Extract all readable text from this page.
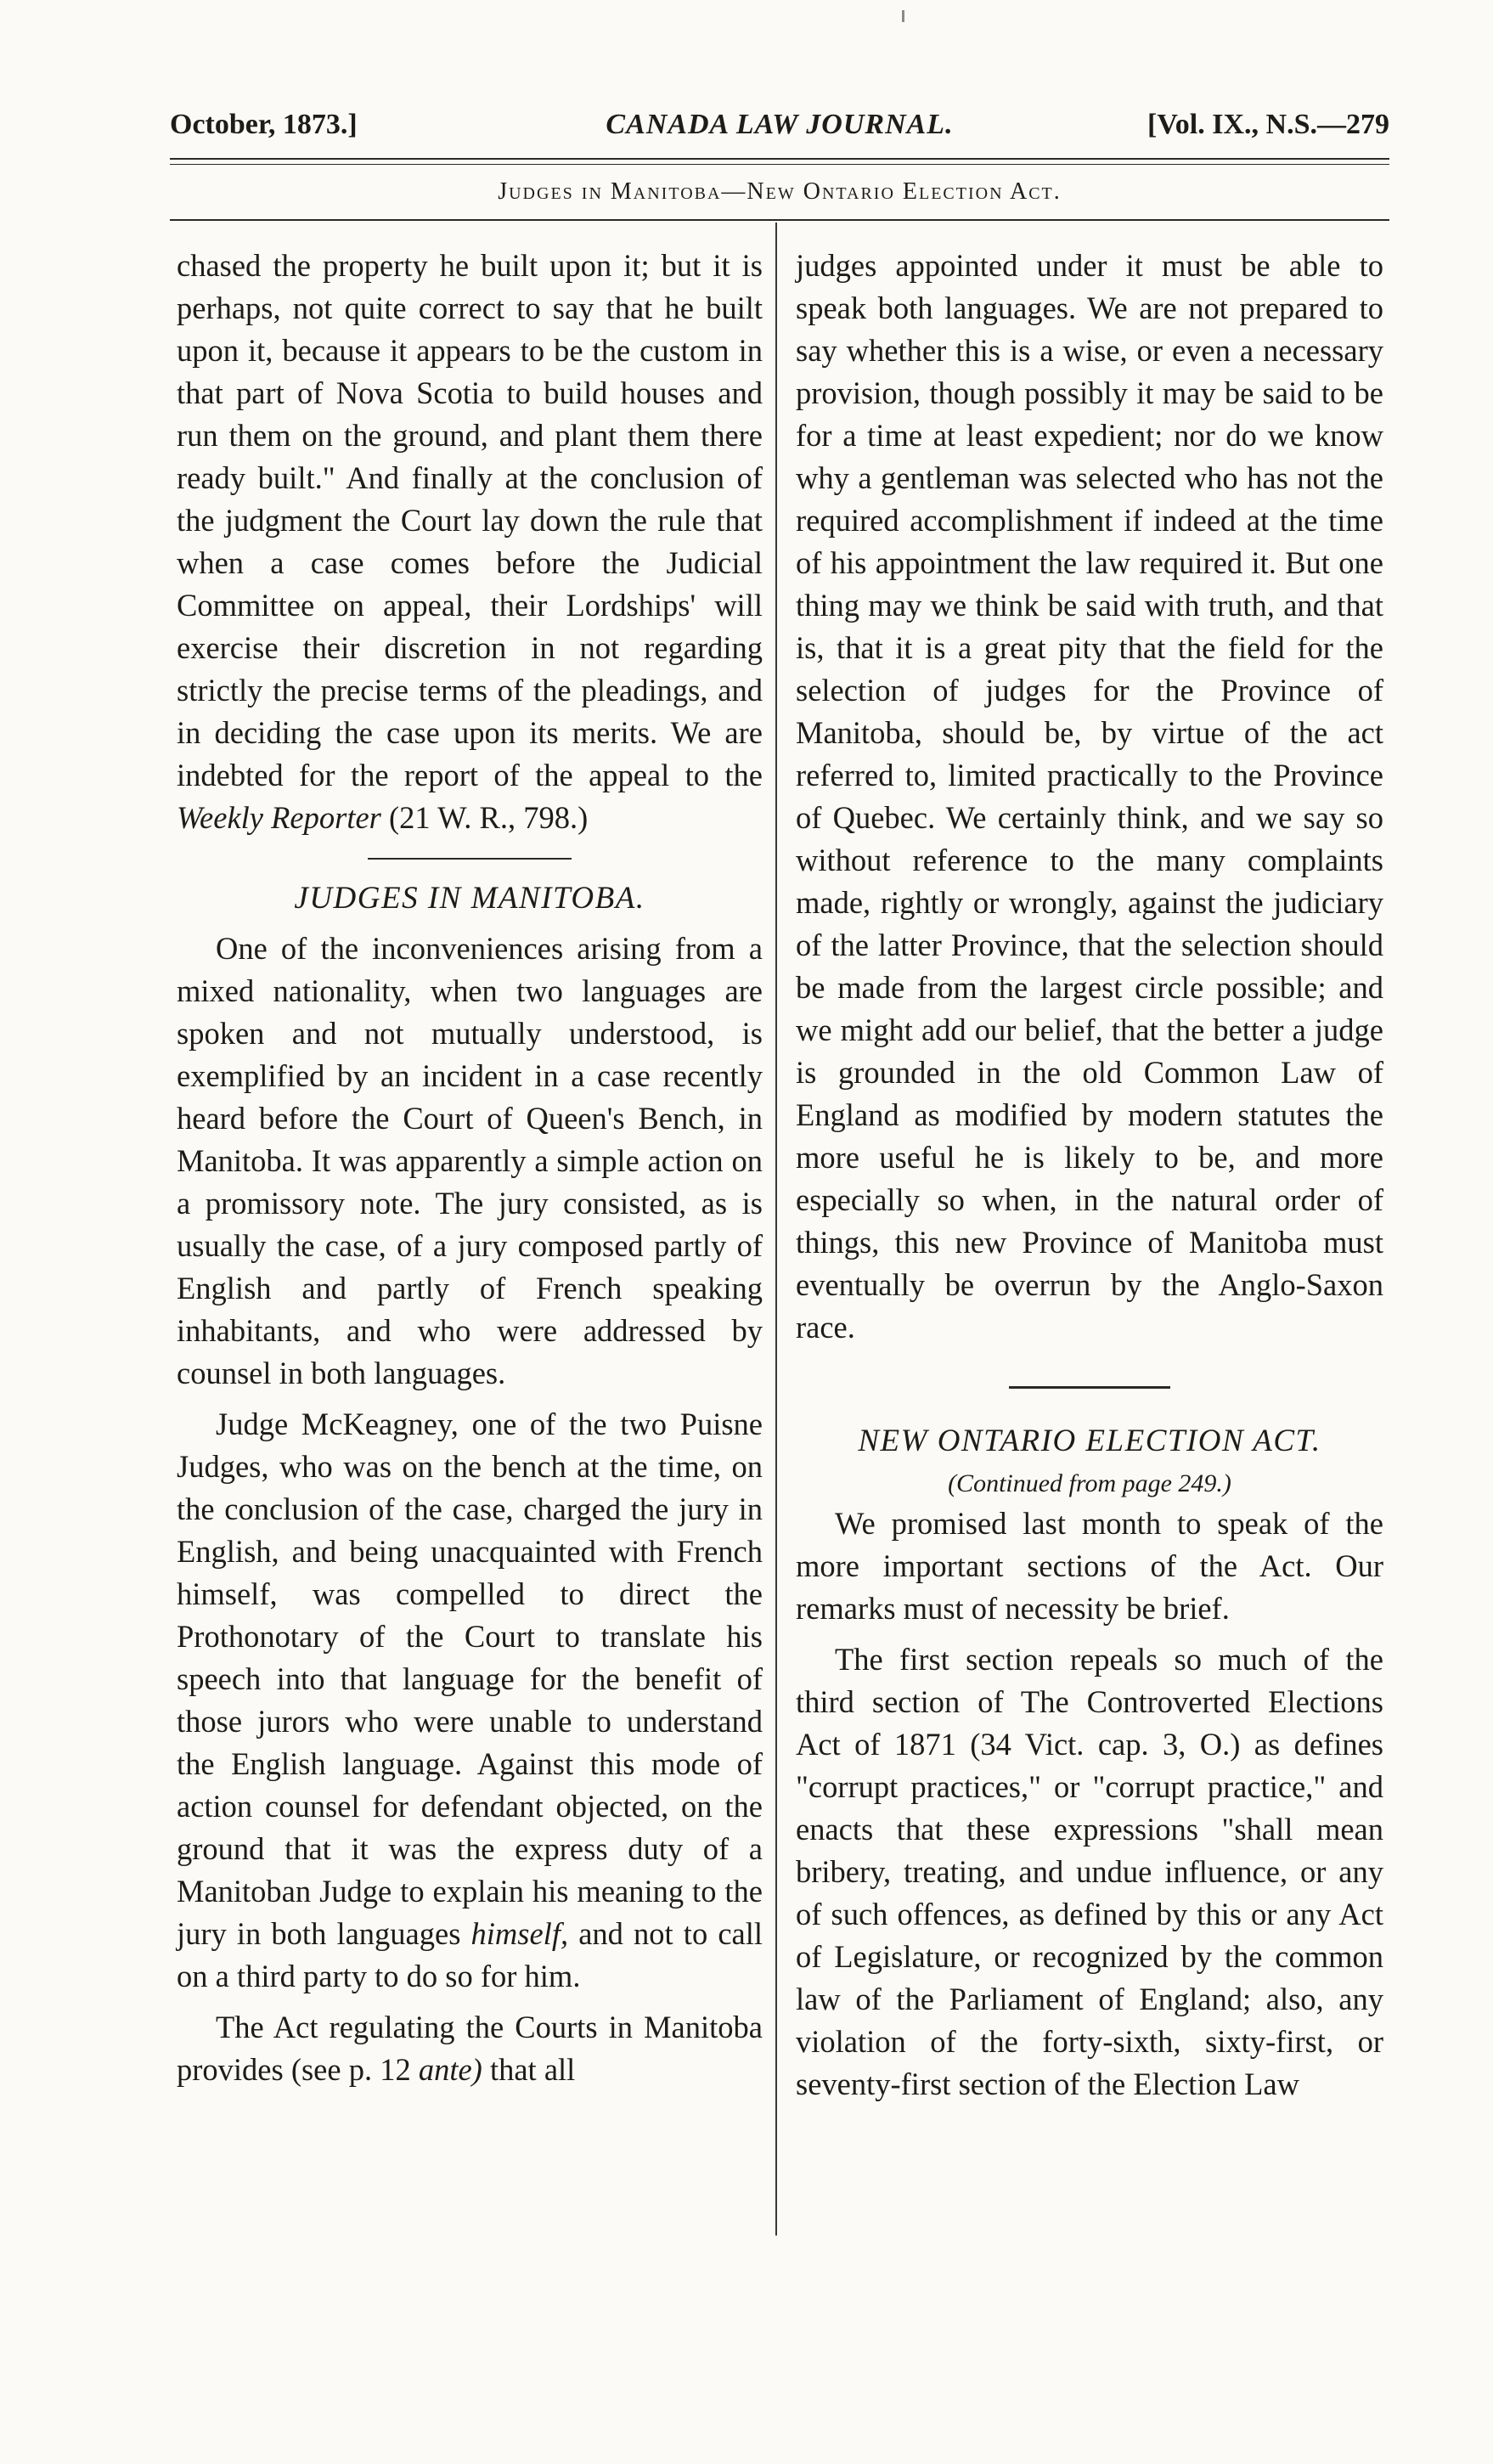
October, 1873.]	CANADA LAW JOURNAL.	[Vol. IX., N.S.—279
Judges in Manitoba—New Ontario Election Act.

chased the property he built upon it; but it is perhaps, not quite correct to say that he built upon it, because it appears to be the custom in that part of Nova Scotia to build houses and run them on the ground, and plant them there ready built." And finally at the conclusion of the judgment the Court lay down the rule that when a case comes before the Judicial Committee on appeal, their Lordships' will exercise their discretion in not regarding strictly the precise terms of the pleadings, and in deciding the case upon its merits. We are indebted for the report of the appeal to the Weekly Reporter (21 W. R., 798.)

JUDGES IN MANITOBA.

One of the inconveniences arising from a mixed nationality, when two languages are spoken and not mutually understood, is exemplified by an incident in a case recently heard before the Court of Queen's Bench, in Manitoba. It was apparently a simple action on a promissory note. The jury consisted, as is usually the case, of a jury composed partly of English and partly of French speaking inhabitants, and who were addressed by counsel in both languages.

Judge McKeagney, one of the two Puisne Judges, who was on the bench at the time, on the conclusion of the case, charged the jury in English, and being unacquainted with French himself, was compelled to direct the Prothonotary of the Court to translate his speech into that language for the benefit of those jurors who were unable to understand the English language. Against this mode of action counsel for defendant objected, on the ground that it was the express duty of a Manitoban Judge to explain his meaning to the jury in both languages himself, and not to call on a third party to do so for him.

The Act regulating the Courts in Manitoba provides (see p. 12 ante) that all

judges appointed under it must be able to speak both languages. We are not prepared to say whether this is a wise, or even a necessary provision, though possibly it may be said to be for a time at least expedient; nor do we know why a gentleman was selected who has not the required accomplishment if indeed at the time of his appointment the law required it. But one thing may we think be said with truth, and that is, that it is a great pity that the field for the selection of judges for the Province of Manitoba, should be, by virtue of the act referred to, limited practically to the Province of Quebec. We certainly think, and we say so without reference to the many complaints made, rightly or wrongly, against the judiciary of the latter Province, that the selection should be made from the largest circle possible; and we might add our belief, that the better a judge is grounded in the old Common Law of England as modified by modern statutes the more useful he is likely to be, and more especially so when, in the natural order of things, this new Province of Manitoba must eventually be overrun by the Anglo-Saxon race.

NEW ONTARIO ELECTION ACT.

(Continued from page 249.)

We promised last month to speak of the more important sections of the Act. Our remarks must of necessity be brief.

The first section repeals so much of the third section of The Controverted Elections Act of 1871 (34 Vict. cap. 3, O.) as defines "corrupt practices," or "corrupt practice," and enacts that these expressions "shall mean bribery, treating, and undue influence, or any of such offences, as defined by this or any Act of Legislature, or recognized by the common law of the Parliament of England; also, any violation of the forty-sixth, sixty-first, or seventy-first section of the Election Law
